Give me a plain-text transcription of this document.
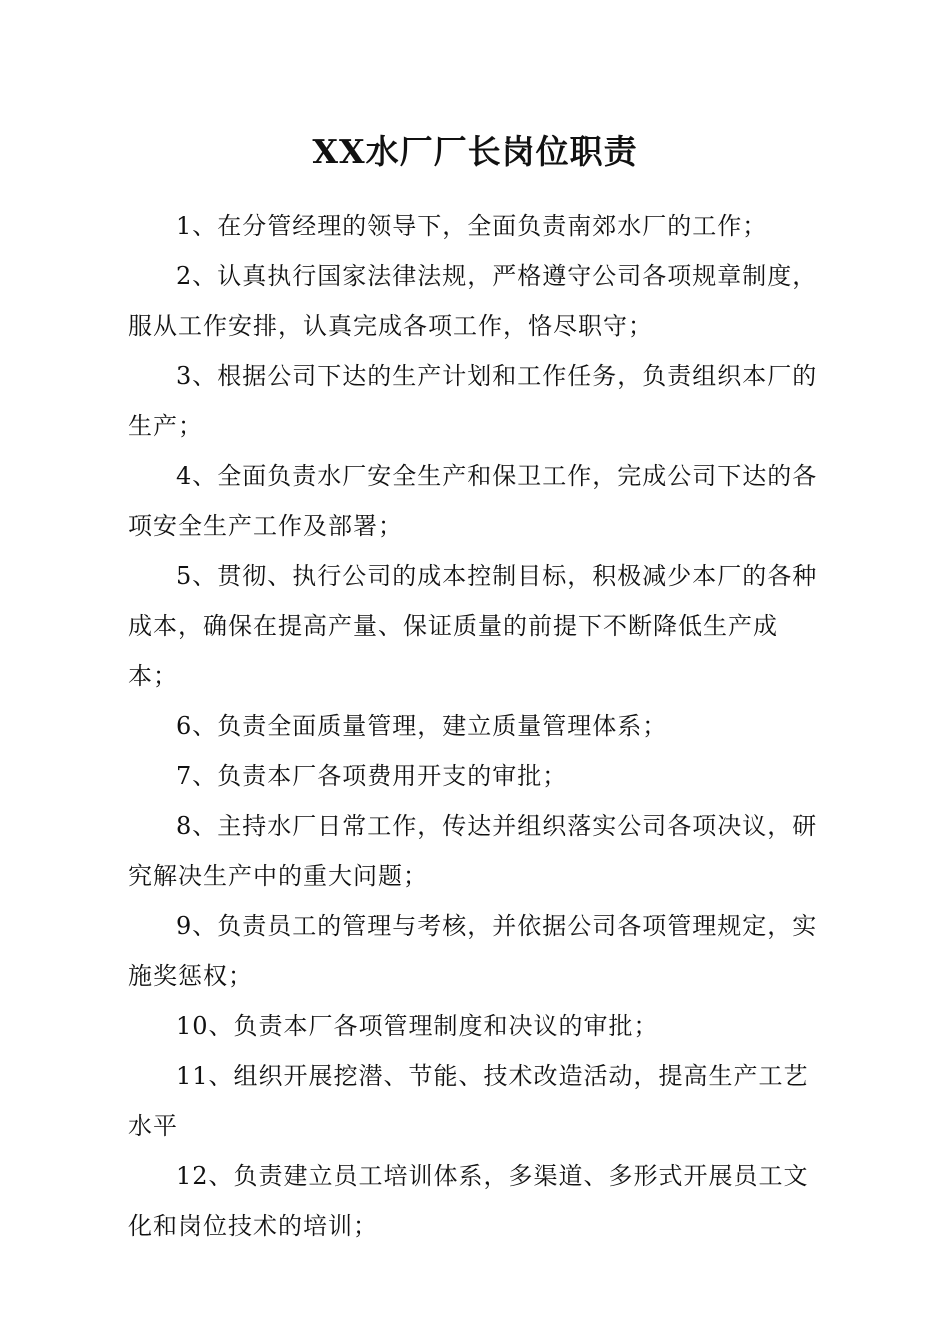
XX水厂厂长岗位职责

1、在分管经理的领导下，全面负责南郊水厂的工作；

2、认真执行国家法律法规，严格遵守公司各项规章制度，服从工作安排，认真完成各项工作，恪尽职守；

3、根据公司下达的生产计划和工作任务，负责组织本厂的生产；

4、全面负责水厂安全生产和保卫工作，完成公司下达的各项安全生产工作及部署；

5、贯彻、执行公司的成本控制目标，积极减少本厂的各种成本，确保在提高产量、保证质量的前提下不断降低生产成本；

6、负责全面质量管理，建立质量管理体系；

7、负责本厂各项费用开支的审批；

8、主持水厂日常工作，传达并组织落实公司各项决议，研究解决生产中的重大问题；

9、负责员工的管理与考核，并依据公司各项管理规定，实施奖惩权；

10、负责本厂各项管理制度和决议的审批；

11、组织开展挖潜、节能、技术改造活动，提高生产工艺水平

12、负责建立员工培训体系，多渠道、多形式开展员工文化和岗位技术的培训；
